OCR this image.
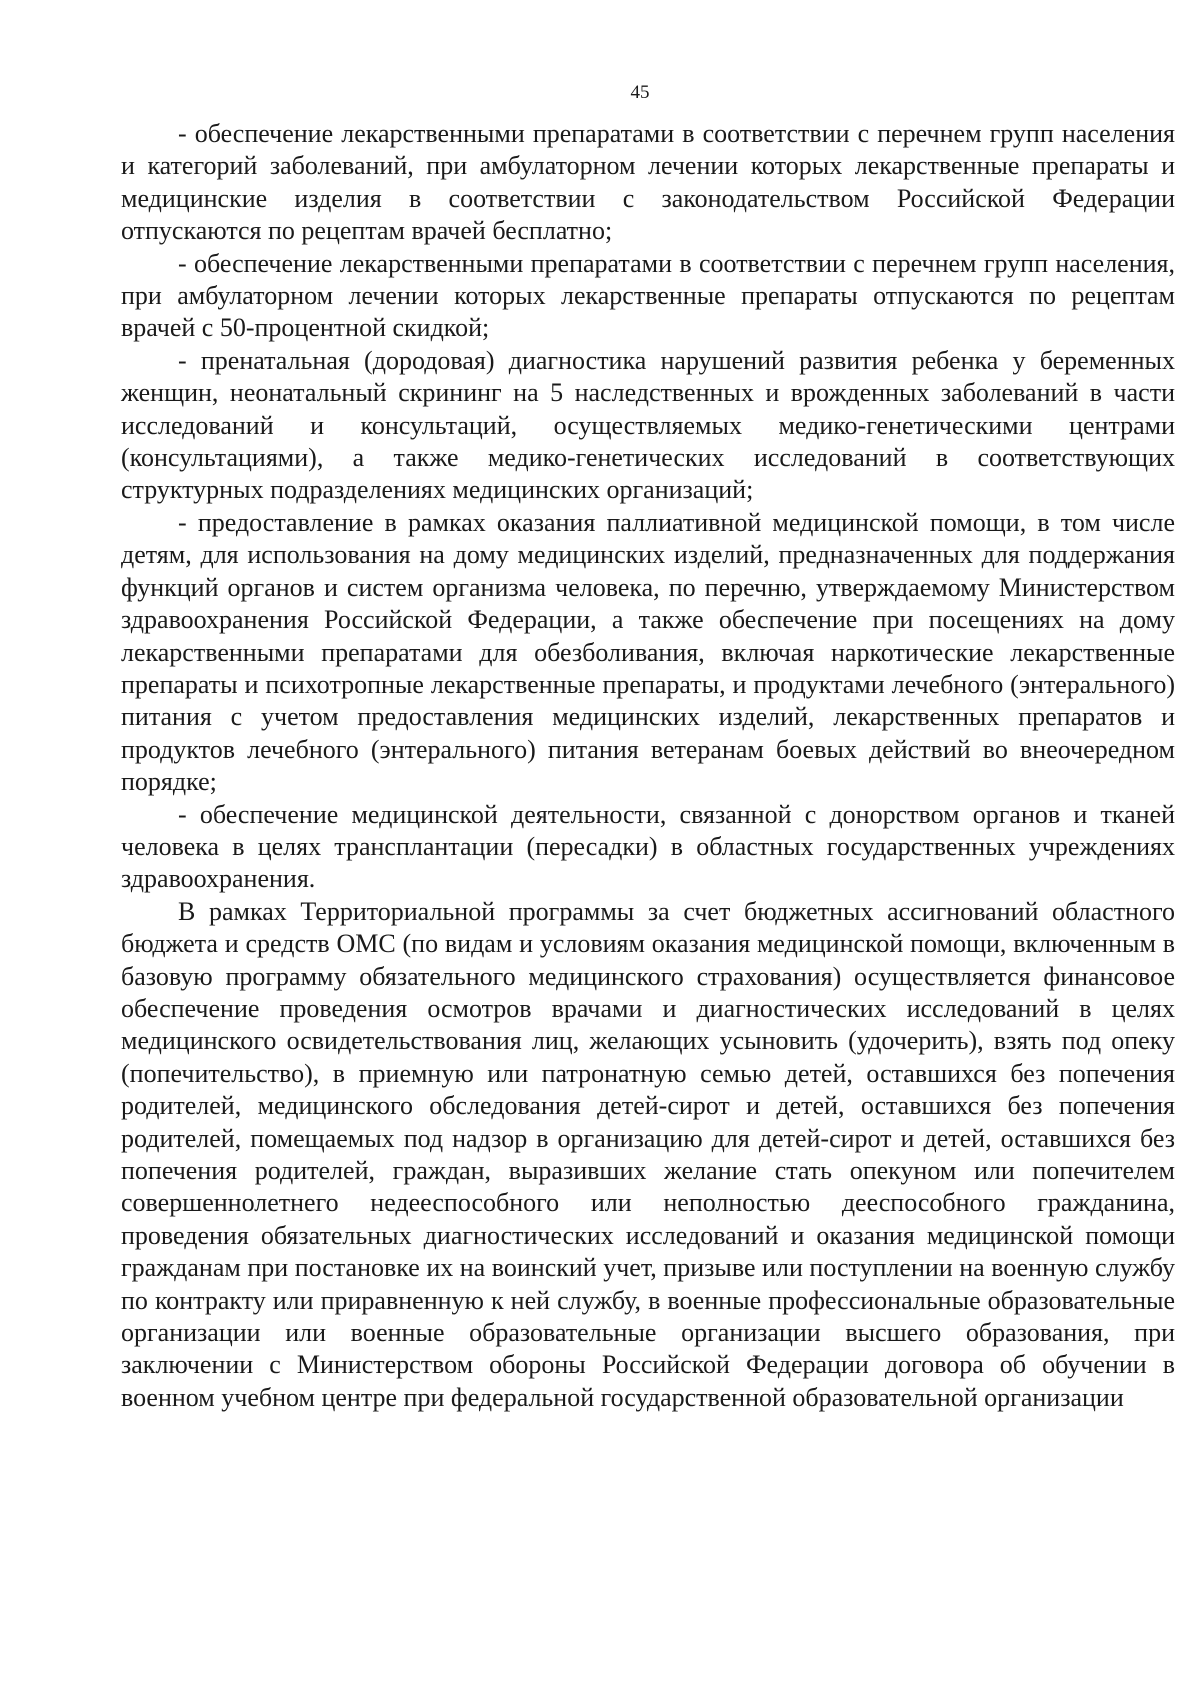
45

- обеспечение лекарственными препаратами в соответствии с перечнем групп населения и категорий заболеваний, при амбулаторном лечении которых лекарственные препараты и медицинские изделия в соответствии с законодательством Российской Федерации отпускаются по рецептам врачей бесплатно;

- обеспечение лекарственными препаратами в соответствии с перечнем групп населения, при амбулаторном лечении которых лекарственные препараты отпускаются по рецептам врачей с 50-процентной скидкой;

- пренатальная (дородовая) диагностика нарушений развития ребенка у беременных женщин, неонатальный скрининг на 5 наследственных и врожденных заболеваний в части исследований и консультаций, осуществляемых медико-генетическими центрами (консультациями), а также медико-генетических исследований в соответствующих структурных подразделениях медицинских организаций;

- предоставление в рамках оказания паллиативной медицинской помощи, в том числе детям, для использования на дому медицинских изделий, предназначенных для поддержания функций органов и систем организма человека, по перечню, утверждаемому Министерством здравоохранения Российской Федерации, а также обеспечение при посещениях на дому лекарственными препаратами для обезболивания, включая наркотические лекарственные препараты и психотропные лекарственные препараты, и продуктами лечебного (энтерального) питания с учетом предоставления медицинских изделий, лекарственных препаратов и продуктов лечебного (энтерального) питания ветеранам боевых действий во внеочередном порядке;

- обеспечение медицинской деятельности, связанной с донорством органов и тканей человека в целях трансплантации (пересадки) в областных государственных учреждениях здравоохранения.

В рамках Территориальной программы за счет бюджетных ассигнований областного бюджета и средств ОМС (по видам и условиям оказания медицинской помощи, включенным в базовую программу обязательного медицинского страхования) осуществляется финансовое обеспечение проведения осмотров врачами и диагностических исследований в целях медицинского освидетельствования лиц, желающих усыновить (удочерить), взять под опеку (попечительство), в приемную или патронатную семью детей, оставшихся без попечения родителей, медицинского обследования детей-сирот и детей, оставшихся без попечения родителей, помещаемых под надзор в организацию для детей-сирот и детей, оставшихся без попечения родителей, граждан, выразивших желание стать опекуном или попечителем совершеннолетнего недееспособного или неполностью дееспособного гражданина, проведения обязательных диагностических исследований и оказания медицинской помощи гражданам при постановке их на воинский учет, призыве или поступлении на военную службу по контракту или приравненную к ней службу, в военные профессиональные образовательные организации или военные образовательные организации высшего образования, при заключении с Министерством обороны Российской Федерации договора об обучении в военном учебном центре при федеральной государственной образовательной организации
